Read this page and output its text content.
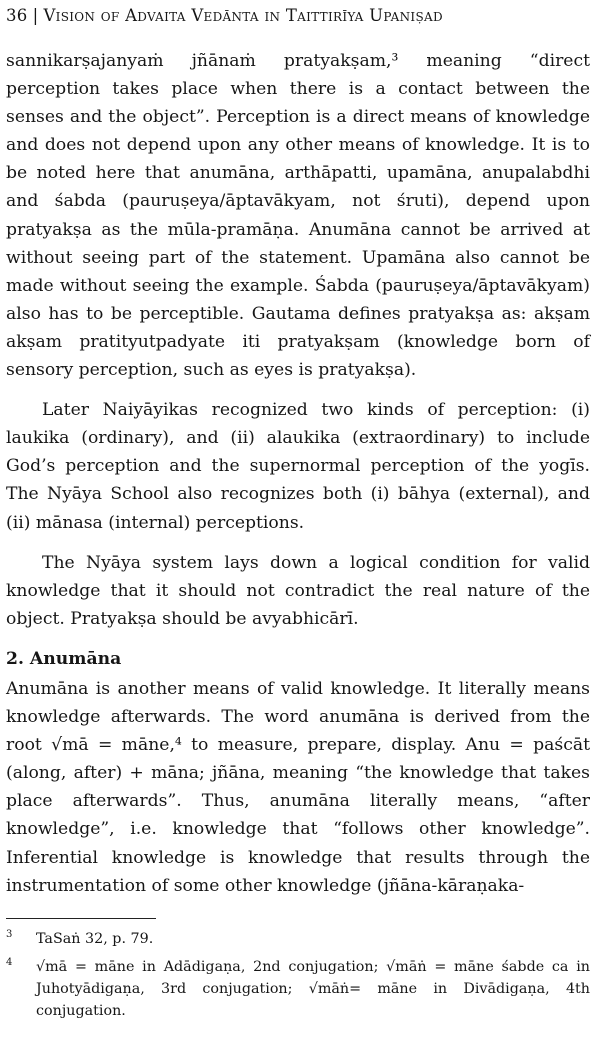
36 | Vision of Advaita Vedānta in Taittirīya Upaniṣad

sannikarṣajanyaṁ jñānaṁ pratyakṣam,³ meaning “direct perception takes place when there is a contact between the senses and the object”. Perception is a direct means of knowledge and does not depend upon any other means of knowledge. It is to be noted here that anumāna, arthāpatti, upamāna, anupalabdhi and śabda (pauruṣeya/āptavākyam, not śruti), depend upon pratyakṣa as the mūla-pramāṇa. Anumāna cannot be arrived at without seeing part of the statement. Upamāna also cannot be made without seeing the example. Śabda (pauruṣeya/āptavākyam) also has to be perceptible. Gautama defines pratyakṣa as: akṣam akṣam pratityutpadyate iti pratyakṣam (knowledge born of sensory perception, such as eyes is pratyakṣa).

Later Naiyāyikas recognized two kinds of perception: (i) laukika (ordinary), and (ii) alaukika (extraordinary) to include God’s perception and the supernormal perception of the yogīs. The Nyāya School also recognizes both (i) bāhya (external), and (ii) mānasa (internal) perceptions.

The Nyāya system lays down a logical condition for valid knowledge that it should not contradict the real nature of the object. Pratyakṣa should be avyabhicārī.

2. Anumāna

Anumāna is another means of valid knowledge. It literally means knowledge afterwards. The word anumāna is derived from the root √mā = māne,⁴ to measure, prepare, display. Anu = paścāt (along, after) + māna; jñāna, meaning “the knowledge that takes place afterwards”. Thus, anumāna literally means, “after knowledge”, i.e. knowledge that “follows other knowledge”. Inferential knowledge is knowledge that results through the instrumentation of some other knowledge (jñāna-kāraṇaka-

3	TaSaṅ 32, p. 79.
4	√mā = māne in Adādigaṇa, 2nd conjugation; √māṅ = māne śabde ca in Juhotyādigaṇa, 3rd conjugation; √māṅ= māne in Divādigaṇa, 4th conjugation.
